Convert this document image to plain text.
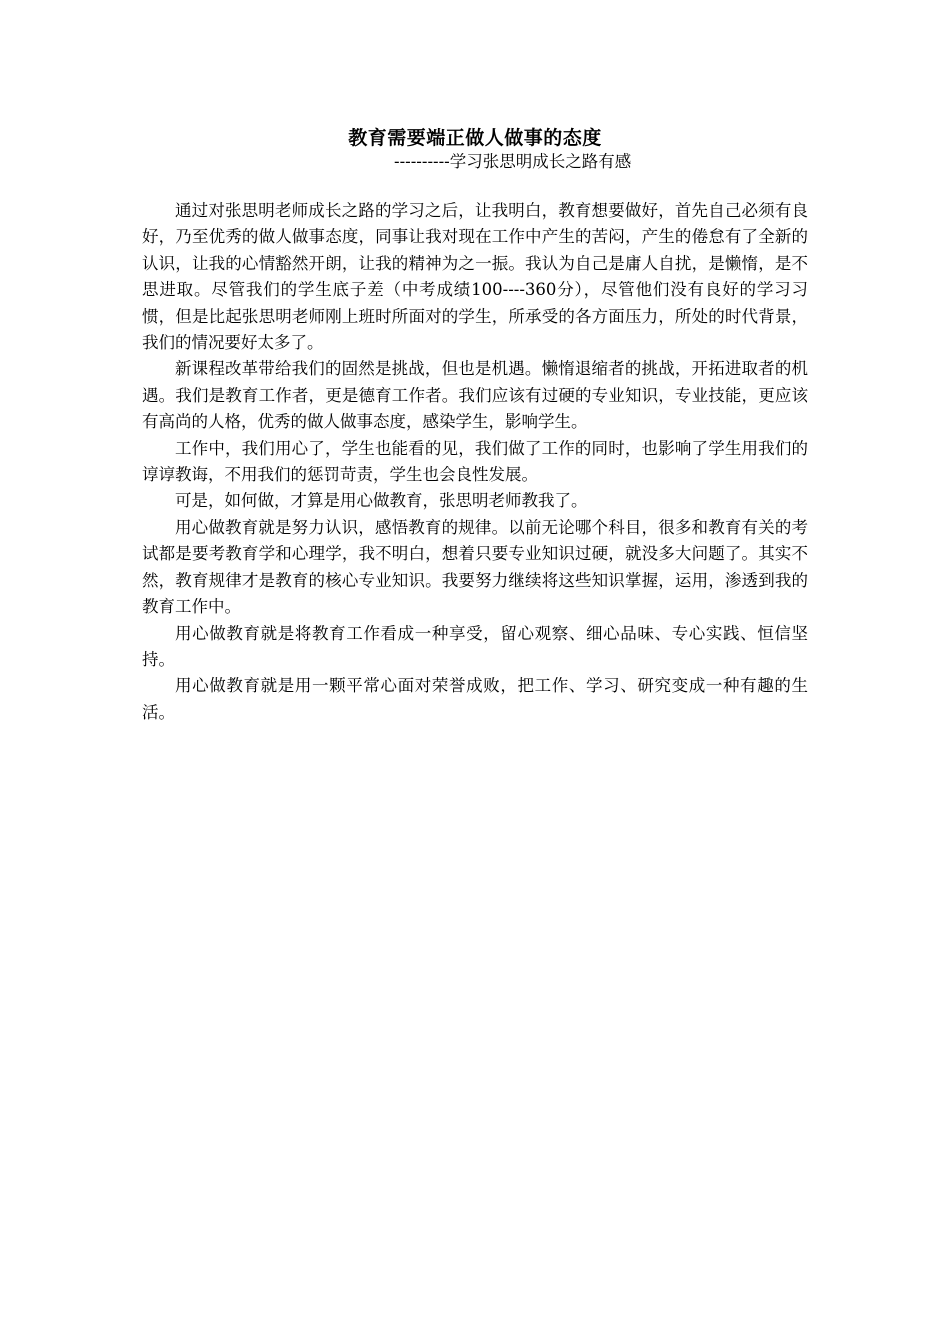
教育需要端正做人做事的态度
----------学习张思明成长之路有感

通过对张思明老师成长之路的学习之后，让我明白，教育想要做好，首先自己必须有良好，乃至优秀的做人做事态度，同事让我对现在工作中产生的苦闷，产生的倦怠有了全新的认识，让我的心情豁然开朗，让我的精神为之一振。我认为自己是庸人自扰，是懒惰，是不思进取。尽管我们的学生底子差（中考成绩100----360分），尽管他们没有良好的学习习惯，但是比起张思明老师刚上班时所面对的学生，所承受的各方面压力，所处的时代背景，我们的情况要好太多了。

新课程改革带给我们的固然是挑战，但也是机遇。懒惰退缩者的挑战，开拓进取者的机遇。我们是教育工作者，更是德育工作者。我们应该有过硬的专业知识，专业技能，更应该有高尚的人格，优秀的做人做事态度，感染学生，影响学生。

工作中，我们用心了，学生也能看的见，我们做了工作的同时，也影响了学生用我们的谆谆教诲，不用我们的惩罚苛责，学生也会良性发展。

可是，如何做，才算是用心做教育，张思明老师教我了。

用心做教育就是努力认识，感悟教育的规律。以前无论哪个科目，很多和教育有关的考试都是要考教育学和心理学，我不明白，想着只要专业知识过硬，就没多大问题了。其实不然，教育规律才是教育的核心专业知识。我要努力继续将这些知识掌握，运用，渗透到我的教育工作中。

用心做教育就是将教育工作看成一种享受，留心观察、细心品味、专心实践、恒信坚持。

用心做教育就是用一颗平常心面对荣誉成败，把工作、学习、研究变成一种有趣的生活。
